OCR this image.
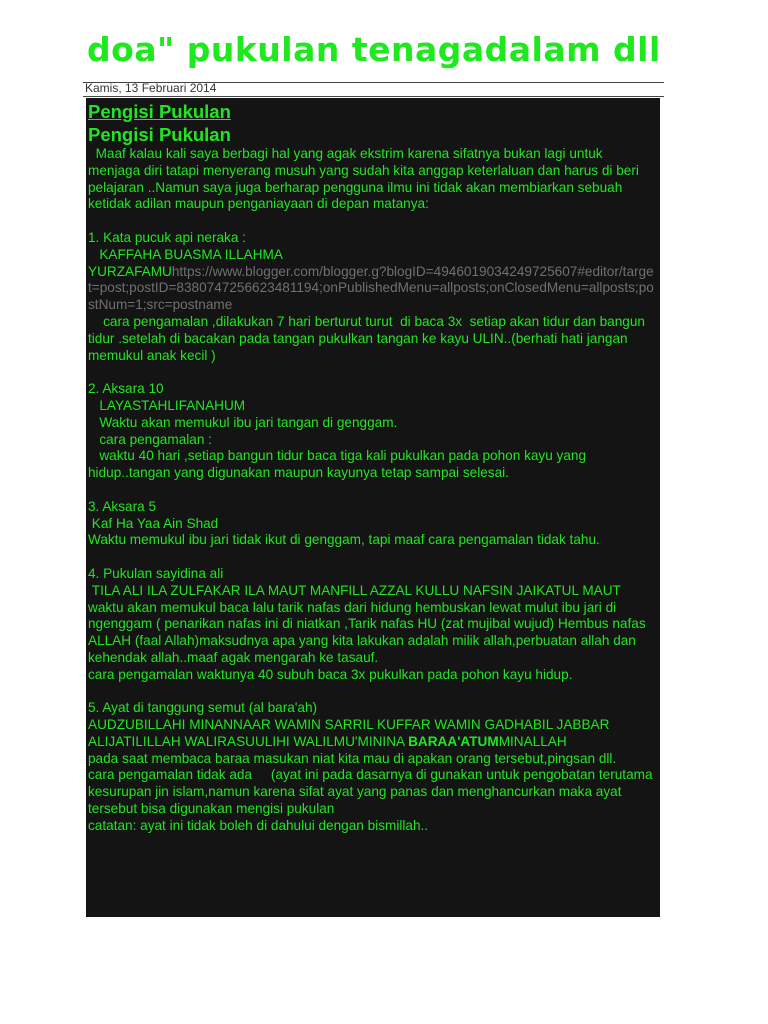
doa" pukulan tenagadalam dll
Kamis, 13 Februari 2014
Pengisi Pukulan
Pengisi Pukulan
Maaf kalau kali saya berbagi hal yang agak ekstrim karena sifatnya bukan lagi untuk menjaga diri tatapi menyerang musuh yang sudah kita anggap keterlaluan dan harus di beri pelajaran ..Namun saya juga berharap pengguna ilmu ini tidak akan membiarkan sebuah ketidak adilan maupun penganiayaan di depan matanya:
1. Kata pucuk api neraka :
KAFFAHA BUASMA ILLAHMA
YURZAFAMUhttps://www.blogger.com/blogger.g?blogID=4946019034249725607#editor/target=post;postID=8380747256623481194;onPublishedMenu=allposts;onClosedMenu=allposts;postNum=1;src=postname
cara pengamalan ,dilakukan 7 hari berturut turut  di baca 3x  setiap akan tidur dan bangun tidur .setelah di bacakan pada tangan pukulkan tangan ke kayu ULIN..(berhati hati jangan memukul anak kecil )
2. Aksara 10
LAYASTAHLIFANAHUM
Waktu akan memukul ibu jari tangan di genggam.
cara pengamalan :
waktu 40 hari ,setiap bangun tidur baca tiga kali pukulkan pada pohon kayu yang hidup..tangan yang digunakan maupun kayunya tetap sampai selesai.
3. Aksara 5
Kaf Ha Yaa Ain Shad
Waktu memukul ibu jari tidak ikut di genggam, tapi maaf cara pengamalan tidak tahu.
4. Pukulan sayidina ali
TILA ALI ILA ZULFAKAR ILA MAUT MANFILL AZZAL KULLU NAFSIN JAIKATUL MAUT
waktu akan memukul baca lalu tarik nafas dari hidung hembuskan lewat mulut ibu jari di ngenggam ( penarikan nafas ini di niatkan ,Tarik nafas HU (zat mujibal wujud) Hembus nafas ALLAH (faal Allah)maksudnya apa yang kita lakukan adalah milik allah,perbuatan allah dan kehendak allah..maaf agak mengarah ke tasauf.
cara pengamalan waktunya 40 subuh baca 3x pukulkan pada pohon kayu hidup.
5. Ayat di tanggung semut (al bara'ah)
AUDZUBILLAHI MINANNAAR WAMIN SARRIL KUFFAR WAMIN GADHABIL JABBAR
ALIJATILILLAH WALIRASUULIHI WALILMU'MININA BARAA'ATUMMINALLAH
pada saat membaca baraa masukan niat kita mau di apakan orang tersebut,pingsan dll.
cara pengamalan tidak ada     (ayat ini pada dasarnya di gunakan untuk pengobatan terutama kesurupan jin islam,namun karena sifat ayat yang panas dan menghancurkan maka ayat tersebut bisa digunakan mengisi pukulan
catatan: ayat ini tidak boleh di dahului dengan bismillah..
